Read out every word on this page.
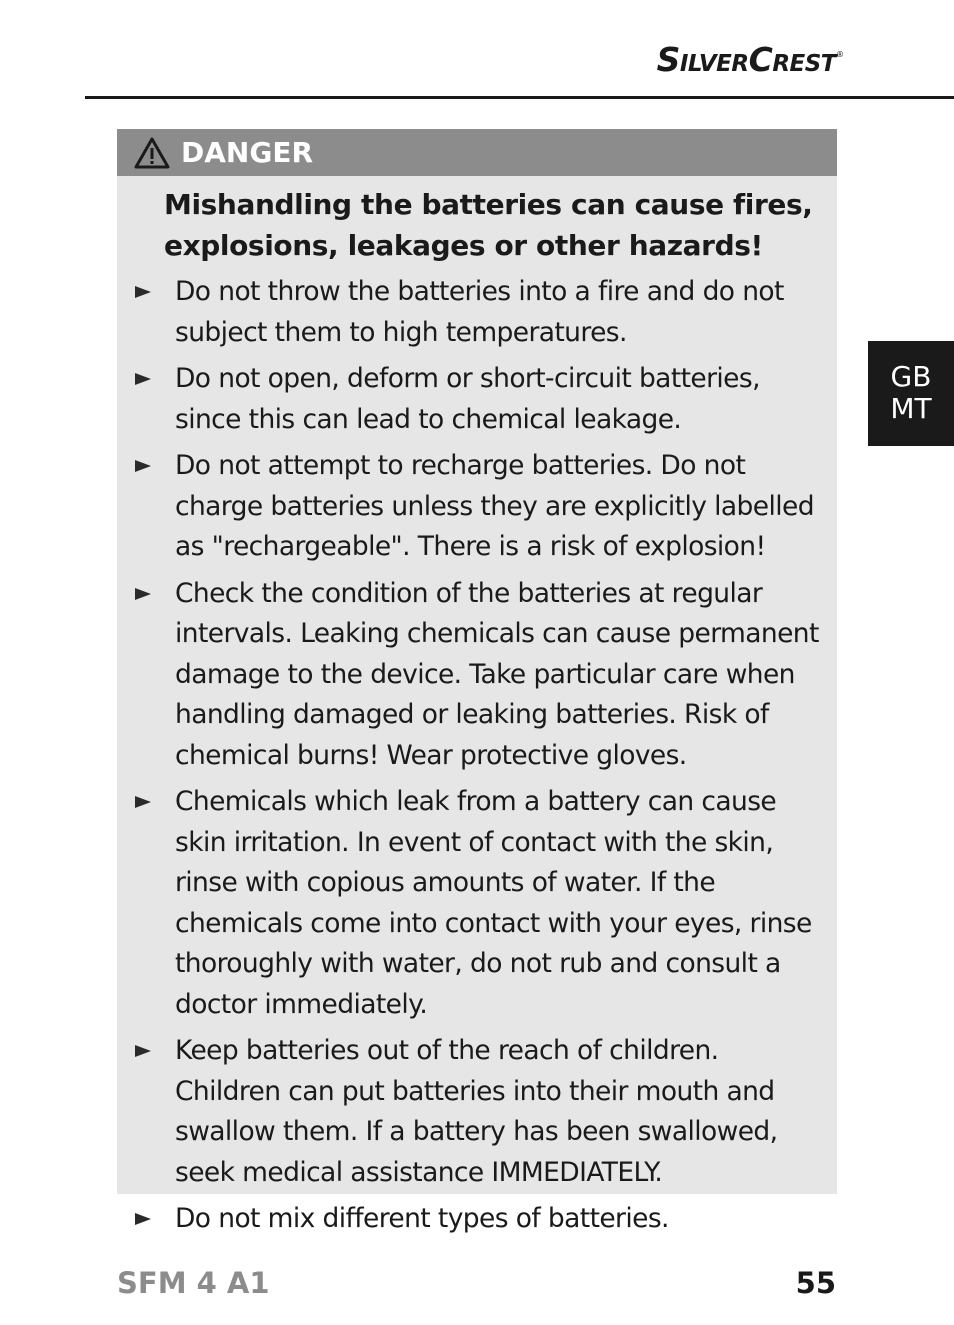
SilverCrest ®
GB
MT
DANGER
Mishandling the batteries can cause fires, explosions, leakages or other hazards!
Do not throw the batteries into a fire and do not subject them to high temperatures.
Do not open, deform or short-circuit batteries, since this can lead to chemical leakage.
Do not attempt to recharge batteries. Do not charge batteries unless they are explicitly labelled as "rechargeable". There is a risk of explosion!
Check the condition of the batteries at regular intervals. Leaking chemicals can cause permanent damage to the device. Take particular care when handling damaged or leaking batteries. Risk of chemical burns! Wear protective gloves.
Chemicals which leak from a battery can cause skin irritation. In event of contact with the skin, rinse with copious amounts of water. If the chemicals come into contact with your eyes, rinse thoroughly with water, do not rub and consult a doctor immediately.
Keep batteries out of the reach of children. Children can put batteries into their mouth and swallow them. If a battery has been swallowed, seek medical assistance IMMEDIATELY.
Do not mix different types of batteries.
SFM 4 A1	55
